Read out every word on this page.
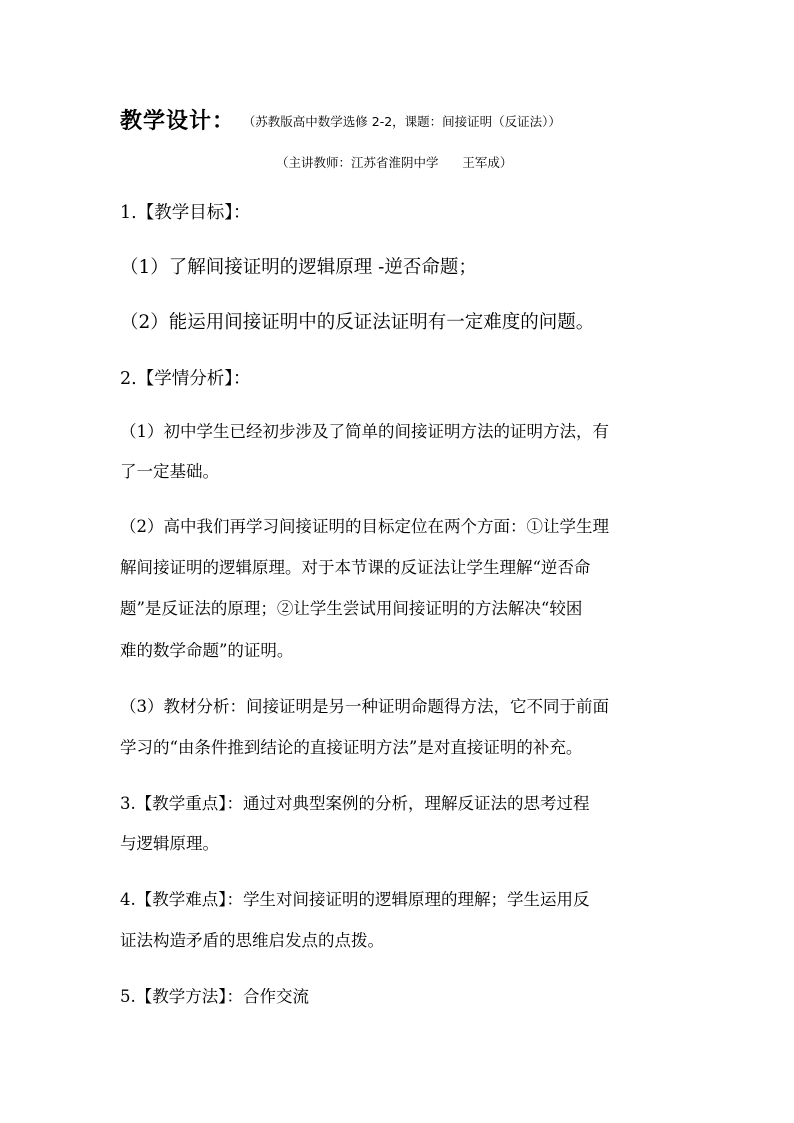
教学设计： （苏教版高中数学选修 2-2，课题：间接证明（反证法））
（主讲教师：江苏省淮阴中学      王军成）
1.【教学目标】：
（1）了解间接证明的逻辑原理 -逆否命题；
（2）能运用间接证明中的反证法证明有一定难度的问题。
2.【学情分析】：
（1）初中学生已经初步涉及了简单的间接证明方法的证明方法，有
了一定基础。
（2）高中我们再学习间接证明的目标定位在两个方面：①让学生理
解间接证明的逻辑原理。对于本节课的反证法让学生理解“逆否命
题”是反证法的原理；②让学生尝试用间接证明的方法解决“较困
难的数学命题”的证明。
（3）教材分析：间接证明是另一种证明命题得方法，它不同于前面
学习的“由条件推到结论的直接证明方法”是对直接证明的补充。
3.【教学重点】：通过对典型案例的分析，理解反证法的思考过程
与逻辑原理。
4.【教学难点】：学生对间接证明的逻辑原理的理解；学生运用反
证法构造矛盾的思维启发点的点拨。
5.【教学方法】：合作交流
